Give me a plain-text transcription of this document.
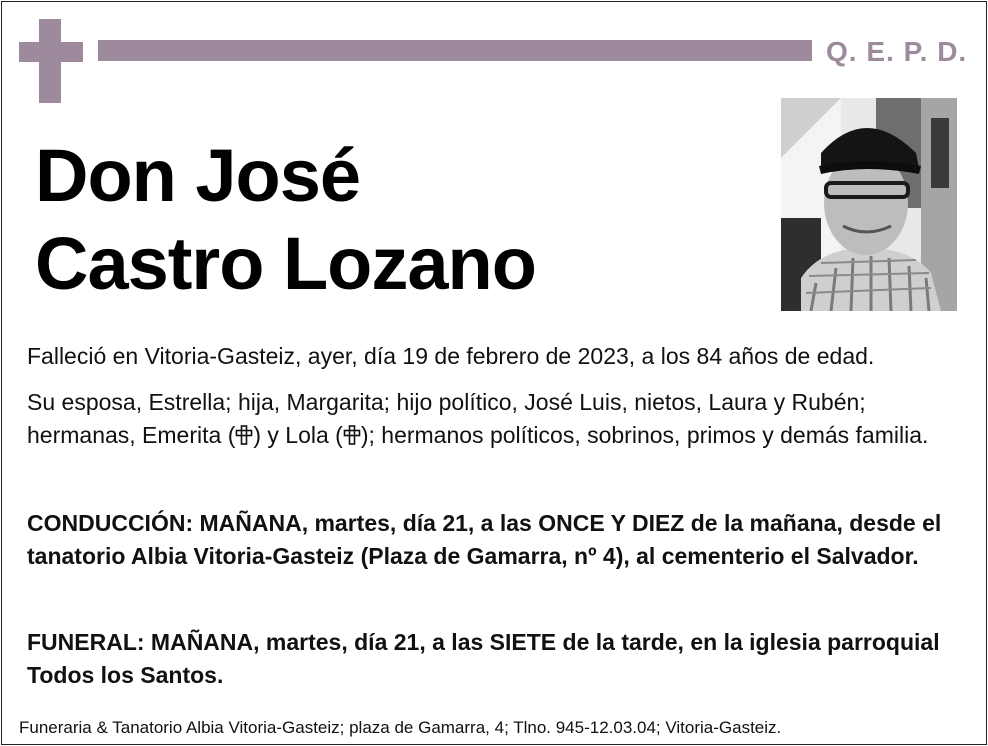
Q. E. P. D.
Don José
Castro Lozano
Falleció en Vitoria-Gasteiz, ayer, día 19 de febrero de 2023, a los 84 años de edad.
Su esposa, Estrella; hija, Margarita; hijo político, José Luis, nietos, Laura y Rubén; hermanas, Emerita ( ) y Lola ( ); hermanos políticos, sobrinos, primos y demás familia.
CONDUCCIÓN: MAÑANA, martes, día 21, a las ONCE Y DIEZ de la mañana, desde el tanatorio Albia Vitoria-Gasteiz (Plaza de Gamarra, nº 4), al cementerio el Salvador.
FUNERAL: MAÑANA, martes, día 21, a las SIETE de la tarde, en la iglesia parroquial Todos los Santos.
Funeraria & Tanatorio Albia Vitoria-Gasteiz; plaza de Gamarra, 4; Tlno. 945-12.03.04; Vitoria-Gasteiz.
